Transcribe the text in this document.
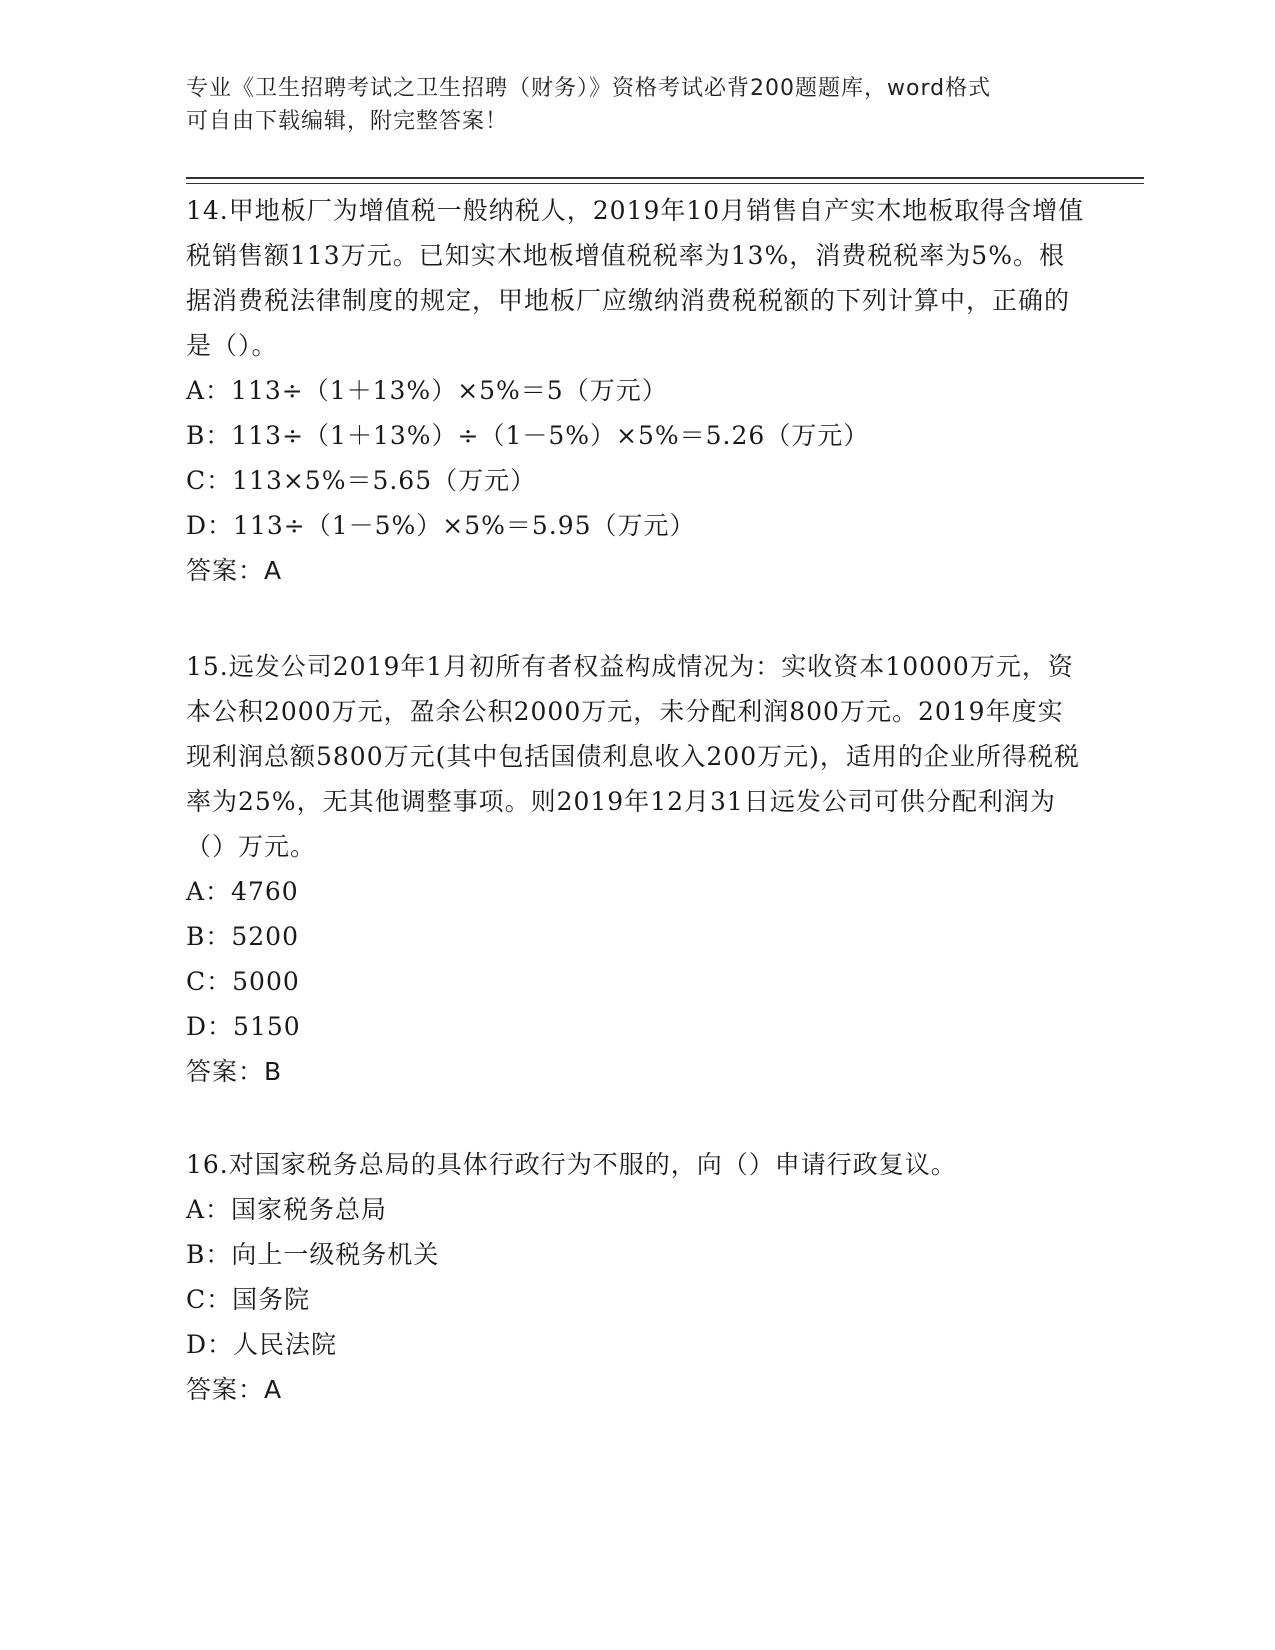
专业《卫生招聘考试之卫生招聘（财务）》资格考试必背200题题库，word格式
可自由下载编辑，附完整答案！
14.甲地板厂为增值税一般纳税人，2019年10月销售自产实木地板取得含增值税销售额113万元。已知实木地板增值税税率为13%，消费税税率为5%。根据消费税法律制度的规定，甲地板厂应缴纳消费税税额的下列计算中，正确的是（）。
A：113÷（1＋13%）×5%＝5（万元）
B：113÷（1＋13%）÷（1－5%）×5%＝5.26（万元）
C：113×5%＝5.65（万元）
D：113÷（1－5%）×5%＝5.95（万元）
答案：A
15.远发公司2019年1月初所有者权益构成情况为：实收资本10000万元，资本公积2000万元，盈余公积2000万元，未分配利润800万元。2019年度实现利润总额5800万元(其中包括国债利息收入200万元)，适用的企业所得税税率为25%，无其他调整事项。则2019年12月31日远发公司可供分配利润为（）万元。
A：4760
B：5200
C：5000
D：5150
答案：B
16.对国家税务总局的具体行政行为不服的，向（）申请行政复议。
A：国家税务总局
B：向上一级税务机关
C：国务院
D：人民法院
答案：A
